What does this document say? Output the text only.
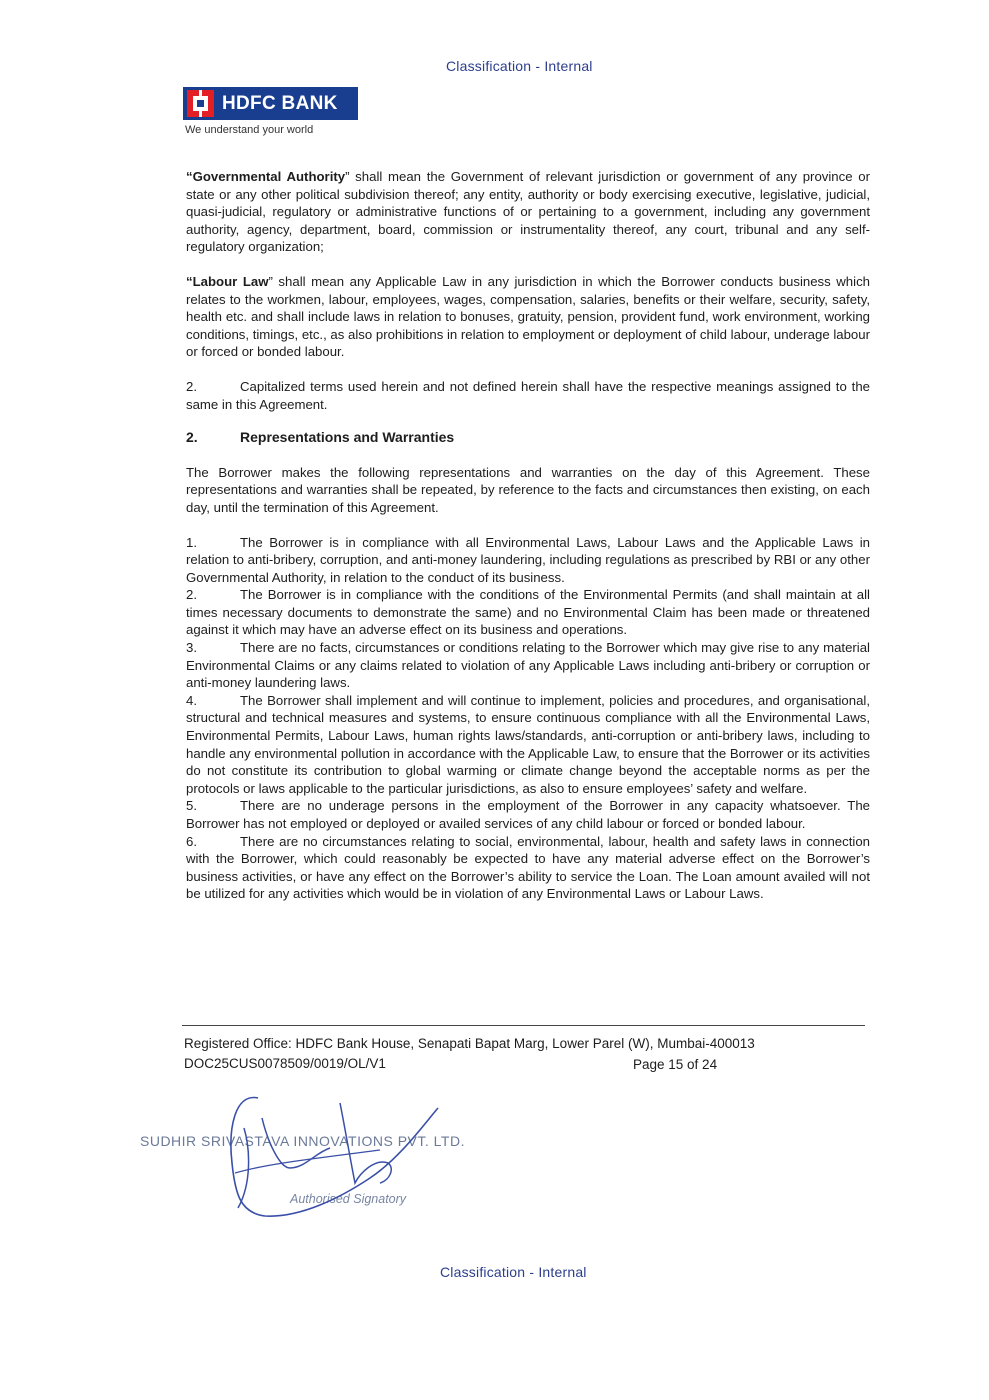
Classification - Internal
HDFC BANK
We understand your world

“Governmental Authority” shall mean the Government of relevant jurisdiction or government of any province or state or any other political subdivision thereof; any entity, authority or body exercising executive, legislative, judicial, quasi-judicial, regulatory or administrative functions of or pertaining to a government, including any government authority, agency, department, board, commission or instrumentality thereof, any court, tribunal and any self-regulatory organization;

“Labour Law” shall mean any Applicable Law in any jurisdiction in which the Borrower conducts business which relates to the workmen, labour, employees, wages, compensation, salaries, benefits or their welfare, security, safety, health etc. and shall include laws in relation to bonuses, gratuity, pension, provident fund, work environment, working conditions, timings, etc., as also prohibitions in relation to employment or deployment of child labour, underage labour or forced or bonded labour.

2.	Capitalized terms used herein and not defined herein shall have the respective meanings assigned to the same in this Agreement.

2.	Representations and Warranties

The Borrower makes the following representations and warranties on the day of this Agreement. These representations and warranties shall be repeated, by reference to the facts and circumstances then existing, on each day, until the termination of this Agreement.

1.	The Borrower is in compliance with all Environmental Laws, Labour Laws and the Applicable Laws in relation to anti-bribery, corruption, and anti-money laundering, including regulations as prescribed by RBI or any other Governmental Authority, in relation to the conduct of its business.

2.	The Borrower is in compliance with the conditions of the Environmental Permits (and shall maintain at all times necessary documents to demonstrate the same) and no Environmental Claim has been made or threatened against it which may have an adverse effect on its business and operations.

3.	There are no facts, circumstances or conditions relating to the Borrower which may give rise to any material Environmental Claims or any claims related to violation of any Applicable Laws including anti-bribery or corruption or anti-money laundering laws.

4.	The Borrower shall implement and will continue to implement, policies and procedures, and organisational, structural and technical measures and systems, to ensure continuous compliance with all the Environmental Laws, Environmental Permits, Labour Laws, human rights laws/standards, anti-corruption or anti-bribery laws, including to handle any environmental pollution in accordance with the Applicable Law, to ensure that the Borrower or its activities do not constitute its contribution to global warming or climate change beyond the acceptable norms as per the protocols or laws applicable to the particular jurisdictions, as also to ensure employees’ safety and welfare.

5.	There are no underage persons in the employment of the Borrower in any capacity whatsoever. The Borrower has not employed or deployed or availed services of any child labour or forced or bonded labour.

6.	There are no circumstances relating to social, environmental, labour, health and safety laws in connection with the Borrower, which could reasonably be expected to have any material adverse effect on the Borrower’s business activities, or have any effect on the Borrower’s ability to service the Loan. The Loan amount availed will not be utilized for any activities which would be in violation of any Environmental Laws or Labour Laws.

Registered Office: HDFC Bank House, Senapati Bapat Marg, Lower Parel (W), Mumbai-400013
DOC25CUS0078509/0019/OL/V1	Page 15 of 24
SUDHIR SRIVASTAVA INNOVATIONS PVT. LTD.
Authorised Signatory
Classification - Internal
